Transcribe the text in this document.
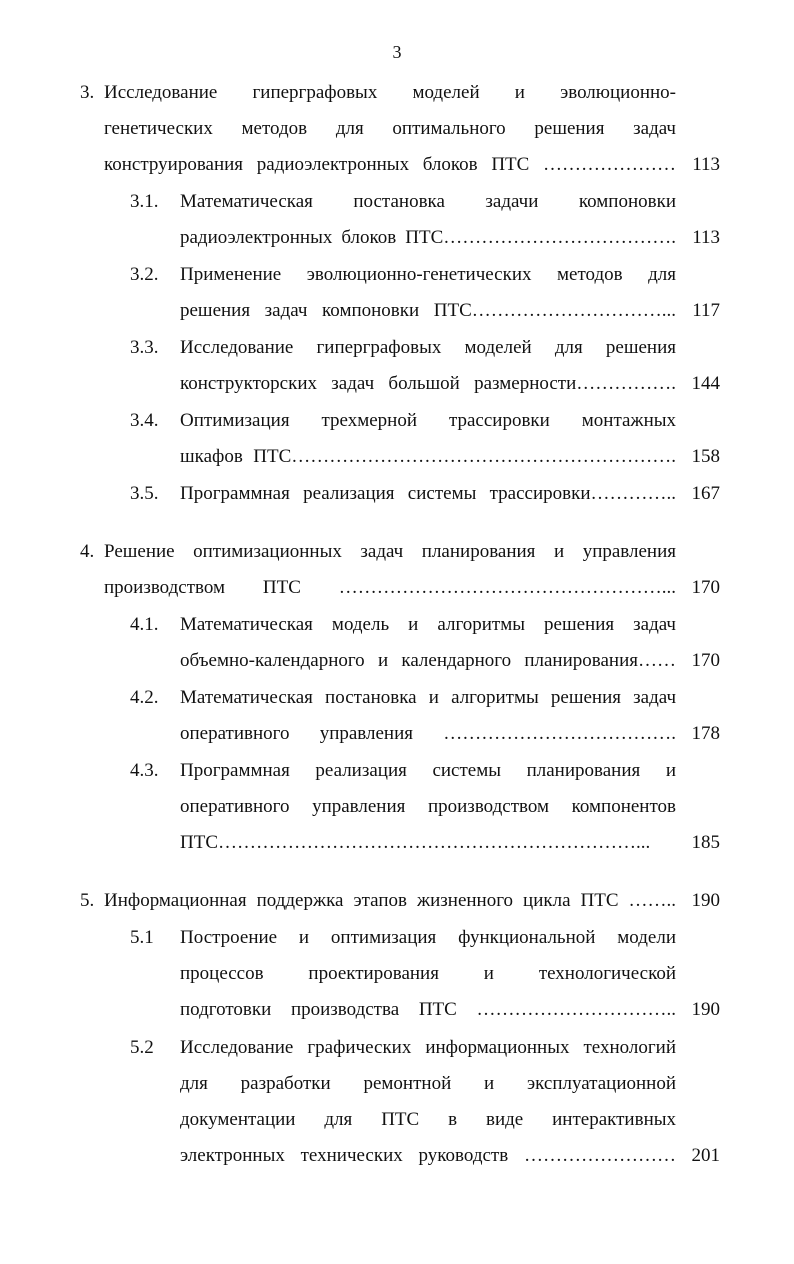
3
3. Исследование гиперграфовых моделей и эволюционно-
генетических методов для оптимального решения задач
конструирования радиоэлектронных блоков ПТС ………………… 113
3.1.	Математическая постановка задачи компоновки
радиоэлектронных блоков ПТС………………………………. 113
3.2.	Применение эволюционно-генетических методов для
решения задач компоновки ПТС…………………………... 117
3.3.	Исследование гиперграфовых моделей для решения
конструкторских задач большой размерности……………. 144
3.4.	Оптимизация трехмерной трассировки монтажных
шкафов ПТС……………………………………………………. 158
3.5.	Программная реализация системы трассировки………….. 167
4. Решение оптимизационных задач планирования и управления
производством ПТС ……………………………………………... 170
4.1.	Математическая модель и алгоритмы решения задач
объемно-календарного и календарного планирования…… 170
4.2.	Математическая постановка и алгоритмы решения задач
оперативного управления ………………………………. 178
4.3.	Программная реализация системы планирования и
оперативного управления производством компонентов
ПТС…………………………………………………………...	185
5. Информационная поддержка этапов жизненного цикла ПТС …….. 190
5.1	Построение и оптимизация функциональной модели
процессов проектирования и технологической
подготовки производства ПТС ………………………….. 190
5.2	Исследование графических информационных технологий
для разработки ремонтной и эксплуатационной
документации для ПТС в виде интерактивных
электронных технических руководств …………………… 201
